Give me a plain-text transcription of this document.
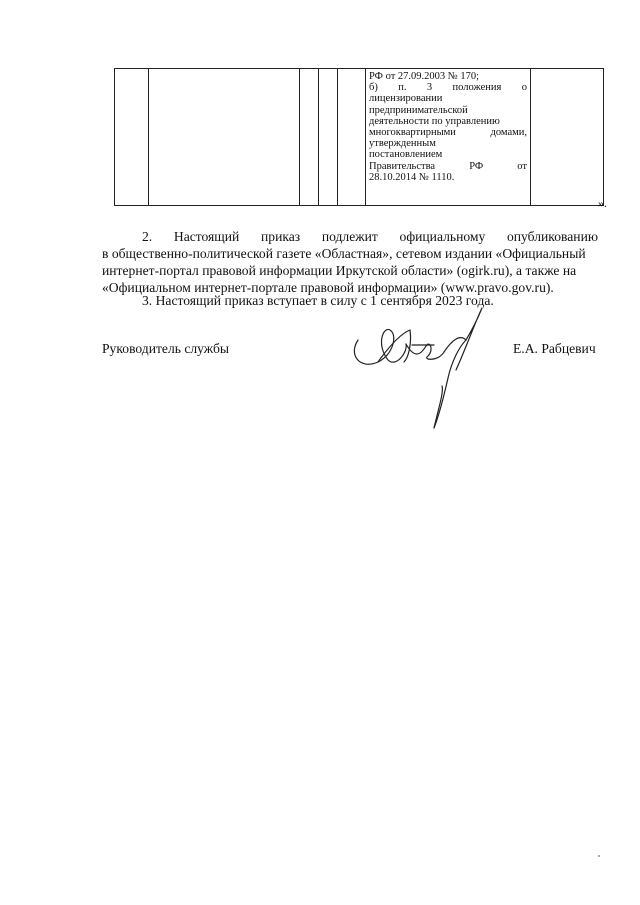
РФ от 27.09.2003 № 170;
б) п. 3 положения о
лицензировании
предпринимательской
деятельности по управлению
многоквартирными	домами,
утвержденным
постановлением
Правительства	РФ	от
28.10.2014 № 1110.

».
2. Настоящий приказ подлежит официальному опубликованию
в общественно-политической газете «Областная», сетевом издании «Официальный
интернет-портал правовой информации Иркутской области» (ogirk.ru), а также на
«Официальном интернет-портале правовой информации» (www.pravo.gov.ru).
3. Настоящий приказ вступает в силу с 1 сентября 2023 года.
Руководитель службы	Е.А. Рабцевич
